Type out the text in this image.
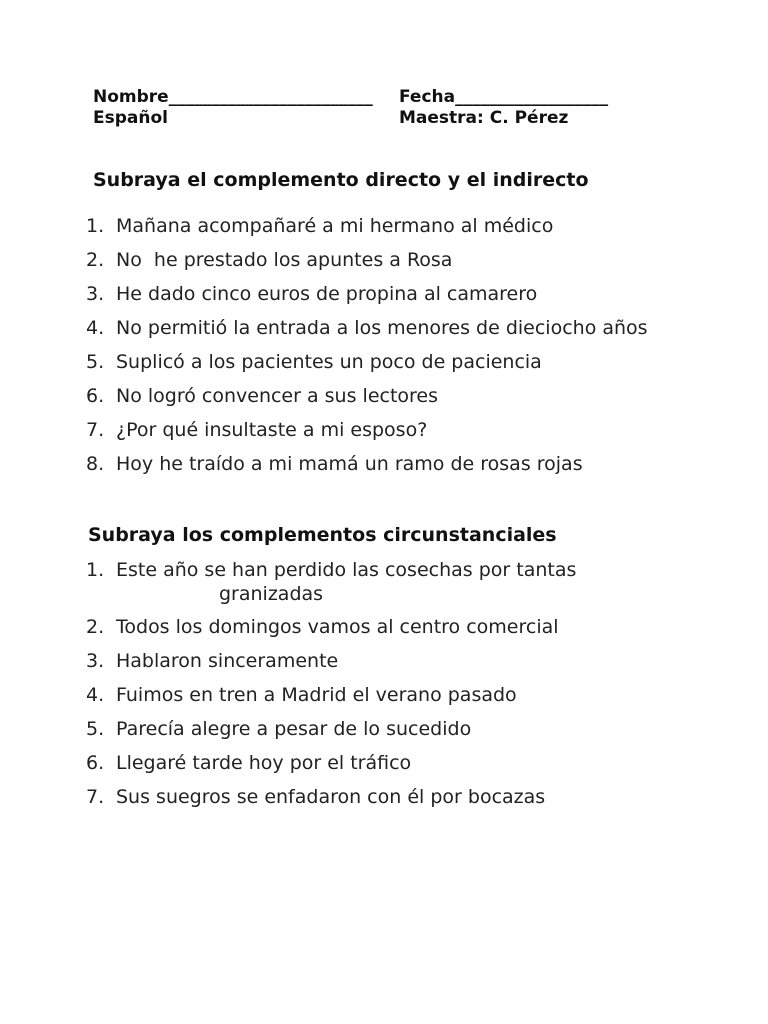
Nombre________________________ Fecha__________________
Español	Maestra: C. Pérez
Subraya el complemento directo y el indirecto
1. Mañana acompañaré a mi hermano al médico
2. No  he prestado los apuntes a Rosa
3. He dado cinco euros de propina al camarero
4. No permitió la entrada a los menores de dieciocho años
5. Suplicó a los pacientes un poco de paciencia
6. No logró convencer a sus lectores
7. ¿Por qué insultaste a mi esposo?
8. Hoy he traído a mi mamá un ramo de rosas rojas
Subraya los complementos circunstanciales
1. Este año se han perdido las cosechas por tantas
granizadas
2. Todos los domingos vamos al centro comercial
3. Hablaron sinceramente
4. Fuimos en tren a Madrid el verano pasado
5. Parecía alegre a pesar de lo sucedido
6. Llegaré tarde hoy por el tráfico
7. Sus suegros se enfadaron con él por bocazas
